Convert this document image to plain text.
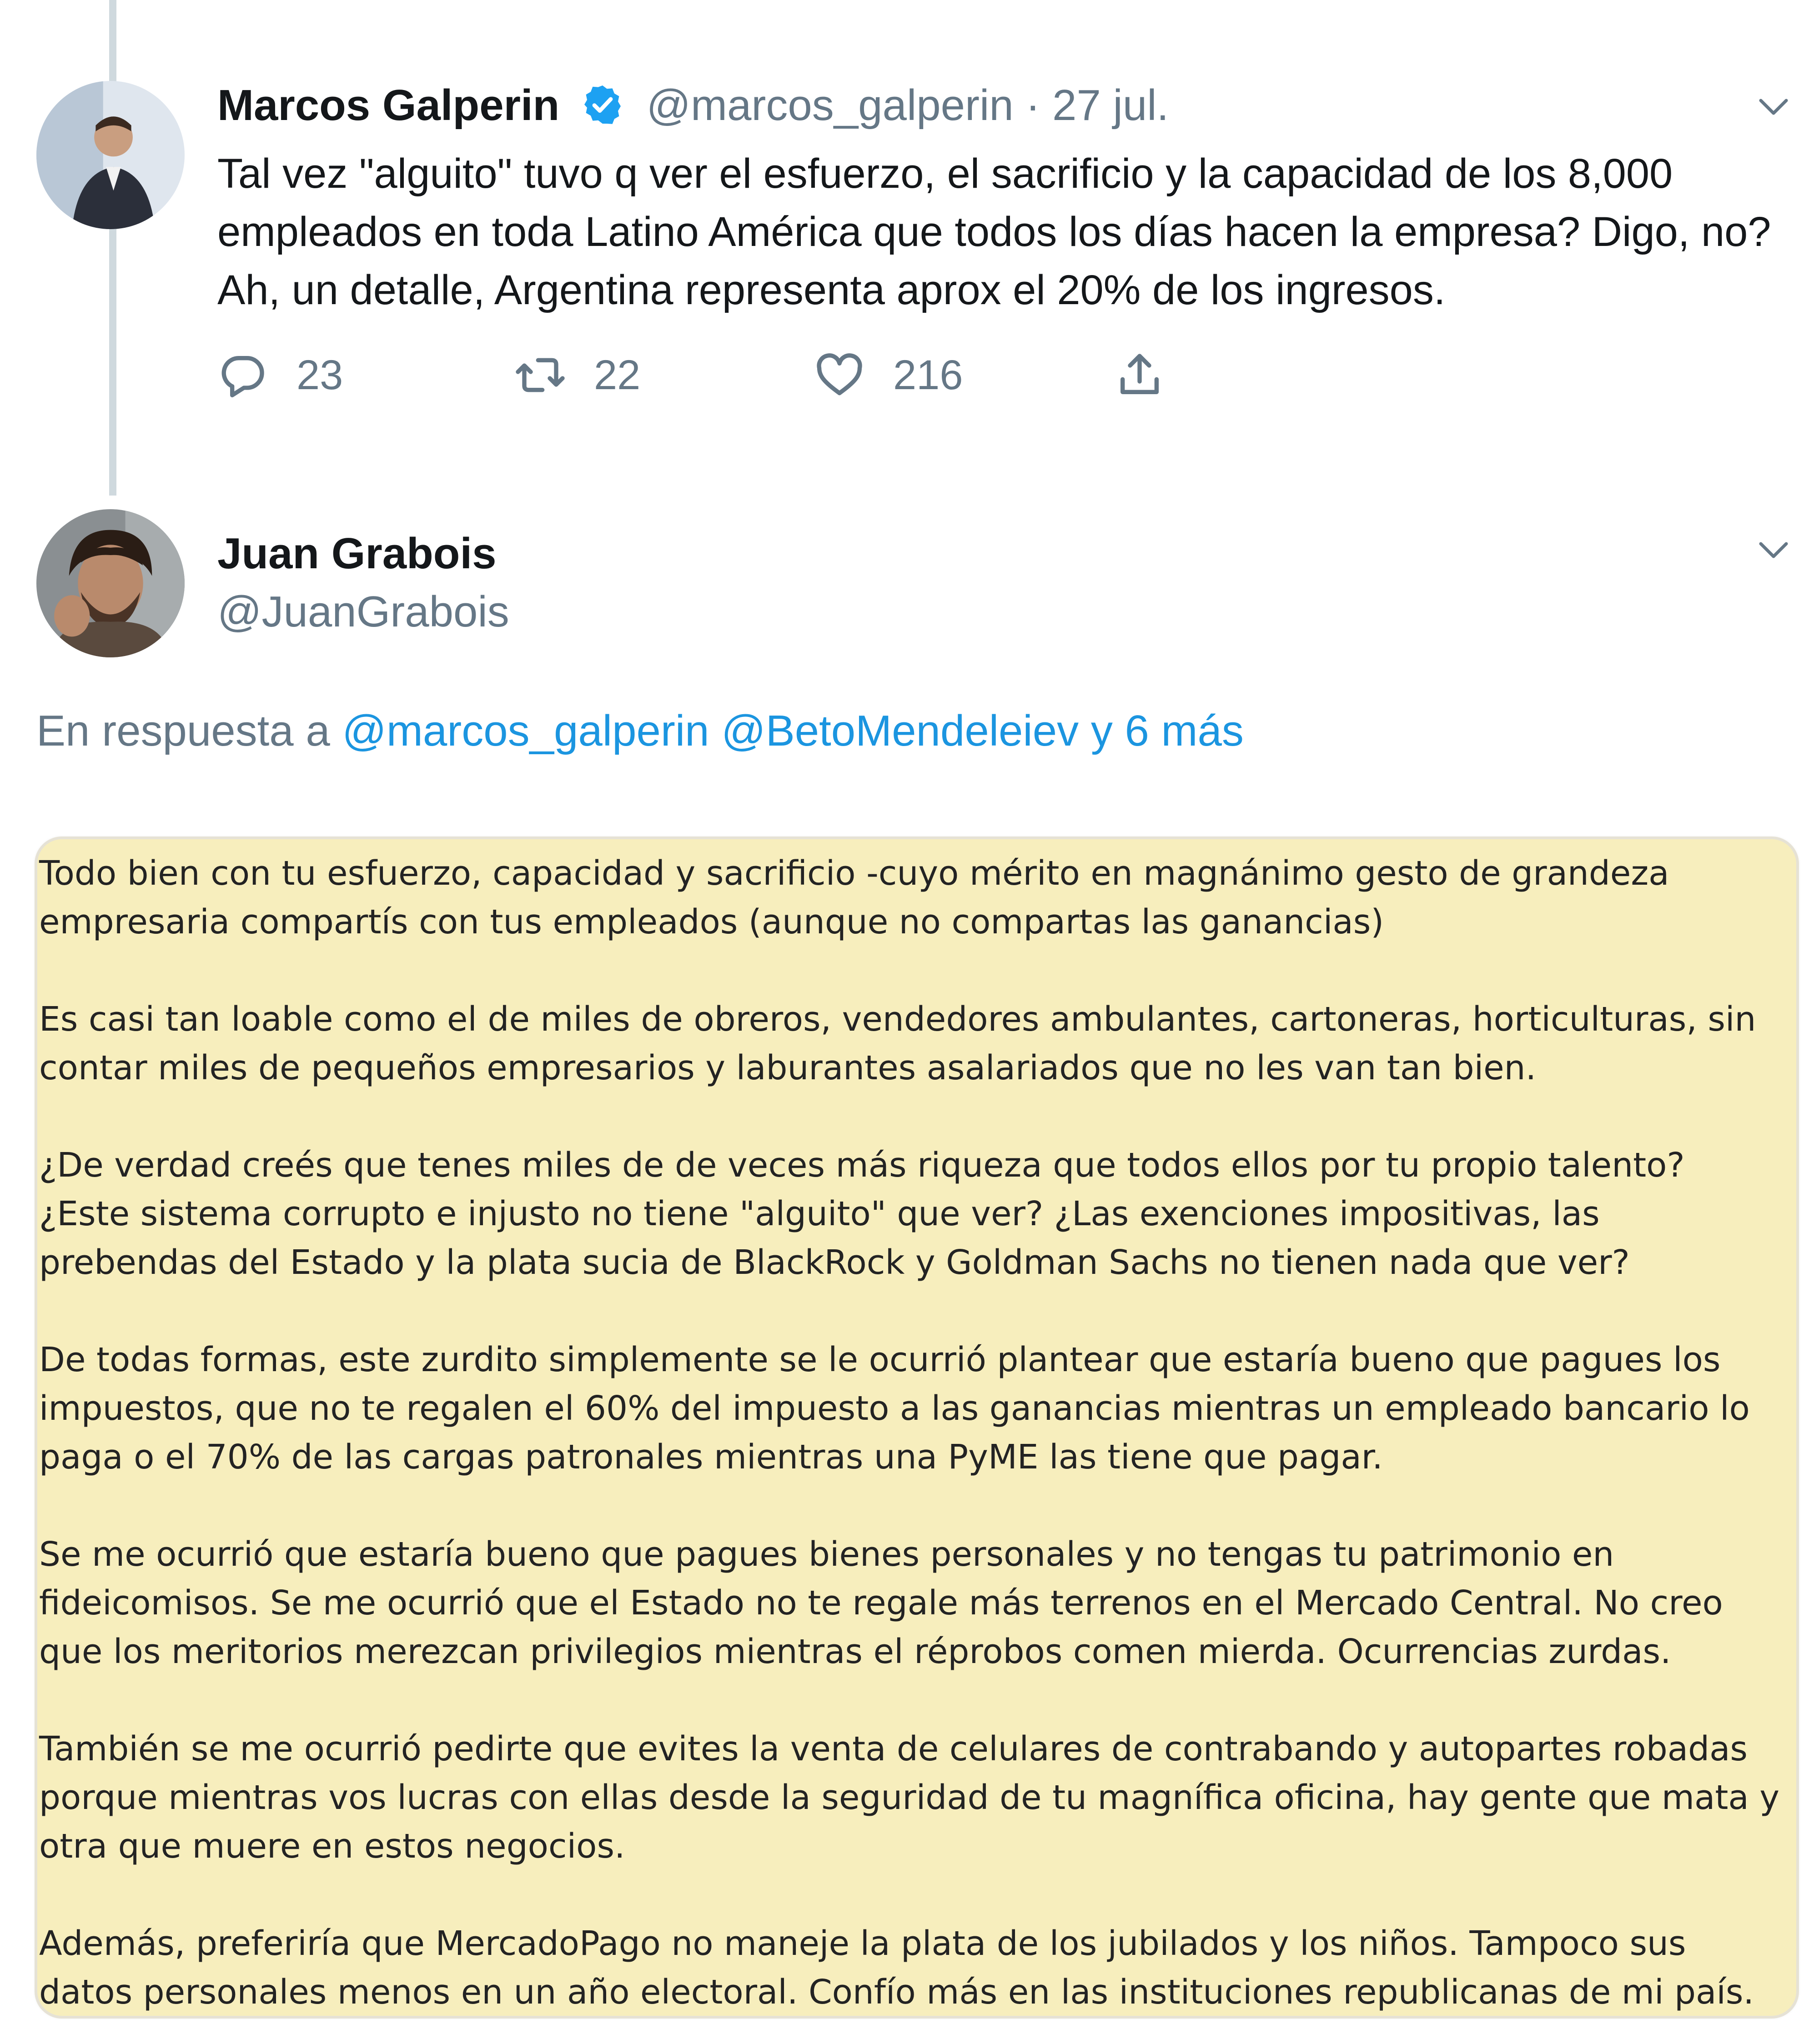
Marcos Galperin @marcos_galperin · 27 jul.
Tal vez "alguito" tuvo q ver el esfuerzo, el sacrificio y la capacidad de los 8,000 empleados en toda Latino América que todos los días hacen la empresa? Digo, no? Ah, un detalle, Argentina representa aprox el 20% de los ingresos.
23	22	216
Juan Grabois
@JuanGrabois
En respuesta a @marcos_galperin @BetoMendeleiev y 6 más

Todo bien con tu esfuerzo, capacidad y sacrificio -cuyo mérito en magnánimo gesto de grandeza empresaria compartís con tus empleados (aunque no compartas las ganancias)

Es casi tan loable como el de miles de obreros, vendedores ambulantes, cartoneras, horticulturas, sin contar miles de pequeños empresarios y laburantes asalariados que no les van tan bien.

¿De verdad creés que tenes miles de de veces más riqueza que todos ellos por tu propio talento? ¿Este sistema corrupto e injusto no tiene "alguito" que ver? ¿Las exenciones impositivas, las prebendas del Estado y la plata sucia de BlackRock y Goldman Sachs no tienen nada que ver?

De todas formas, este zurdito simplemente se le ocurrió plantear que estaría bueno que pagues los impuestos, que no te regalen el 60% del impuesto a las ganancias mientras un empleado bancario lo paga o el 70% de las cargas patronales mientras una PyME las tiene que pagar.

Se me ocurrió que estaría bueno que pagues bienes personales y no tengas tu patrimonio en fideicomisos. Se me ocurrió que el Estado no te regale más terrenos en el Mercado Central. No creo que los meritorios merezcan privilegios mientras el réprobos comen mierda. Ocurrencias zurdas.

También se me ocurrió pedirte que evites la venta de celulares de contrabando y autopartes robadas porque mientras vos lucras con ellas desde la seguridad de tu magnífica oficina, hay gente que mata y otra que muere en estos negocios.

Además, preferiría que MercadoPago no maneje la plata de los jubilados y los niños. Tampoco sus datos personales menos en un año electoral. Confío más en las instituciones republicanas de mi país.
